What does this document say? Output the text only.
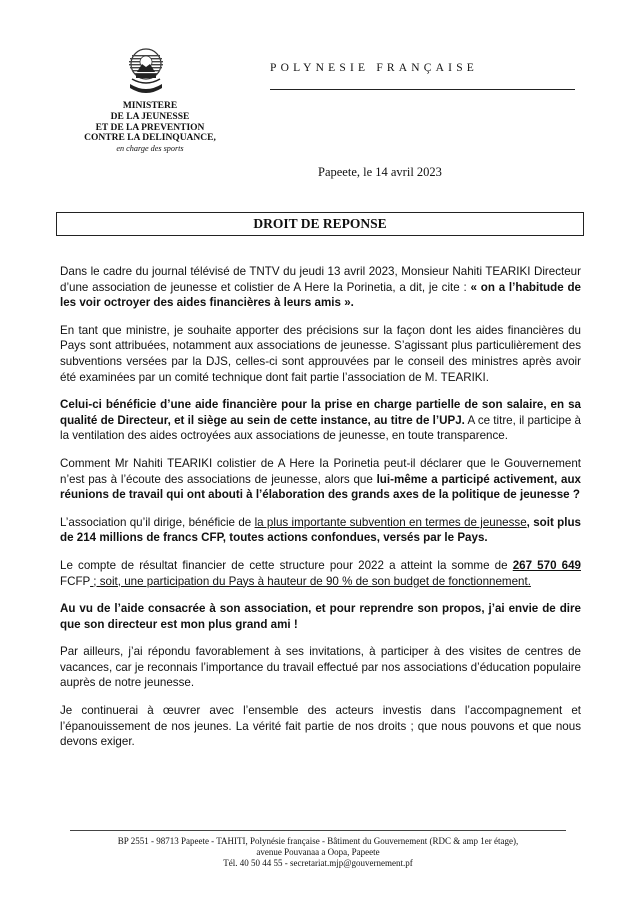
MINISTERE
DE LA JEUNESSE
ET DE LA PREVENTION
CONTRE LA DELINQUANCE,
en charge des sports
POLYNESIE FRANÇAISE
Papeete, le 14 avril 2023
DROIT DE REPONSE

Dans le cadre du journal télévisé de TNTV du jeudi 13 avril 2023, Monsieur Nahiti TEARIKI Directeur d’une association de jeunesse et colistier de A Here Ia Porinetia, a dit, je cite : « on a l’habitude de les voir octroyer des aides financières à leurs amis ».

En tant que ministre, je souhaite apporter des précisions sur la façon dont les aides financières du Pays sont attribuées, notamment aux associations de jeunesse. S’agissant plus particulièrement des subventions versées par la DJS, celles-ci sont approuvées par le conseil des ministres après avoir été examinées par un comité technique dont fait partie l’association de M. TEARIKI.

Celui-ci bénéficie d’une aide financière pour la prise en charge partielle de son salaire, en sa qualité de Directeur, et il siège au sein de cette instance, au titre de l’UPJ. A ce titre, il participe à la ventilation des aides octroyées aux associations de jeunesse, en toute transparence.

Comment Mr Nahiti TEARIKI colistier de A Here Ia Porinetia peut-il déclarer que le Gouvernement n’est pas à l’écoute des associations de jeunesse, alors que lui-même a participé activement, aux réunions de travail qui ont abouti à l’élaboration des grands axes de la politique de jeunesse ?

L’association qu’il dirige, bénéficie de la plus importante subvention en termes de jeunesse, soit plus de 214 millions de francs CFP, toutes actions confondues, versés par le Pays.

Le compte de résultat financier de cette structure pour 2022 a atteint la somme de 267 570 649 FCFP ; soit, une participation du Pays à hauteur de 90 % de son budget de fonctionnement.

Au vu de l’aide consacrée à son association, et pour reprendre son propos, j’ai envie de dire que son directeur est mon plus grand ami !

Par ailleurs, j’ai répondu favorablement à ses invitations, à participer à des visites de centres de vacances, car je reconnais l’importance du travail effectué par nos associations d’éducation populaire auprès de notre jeunesse.

Je continuerai à œuvrer avec l’ensemble des acteurs investis dans l’accompagnement et l’épanouissement de nos jeunes. La vérité fait partie de nos droits ; que nous pouvons et que nous devons exiger.

BP 2551 - 98713 Papeete - TAHITI, Polynésie française - Bâtiment du Gouvernement (RDC & amp 1er étage),
avenue Pouvanaa a Oopa, Papeete
Tél. 40 50 44 55 - secretariat.mjp@gouvernement.pf
